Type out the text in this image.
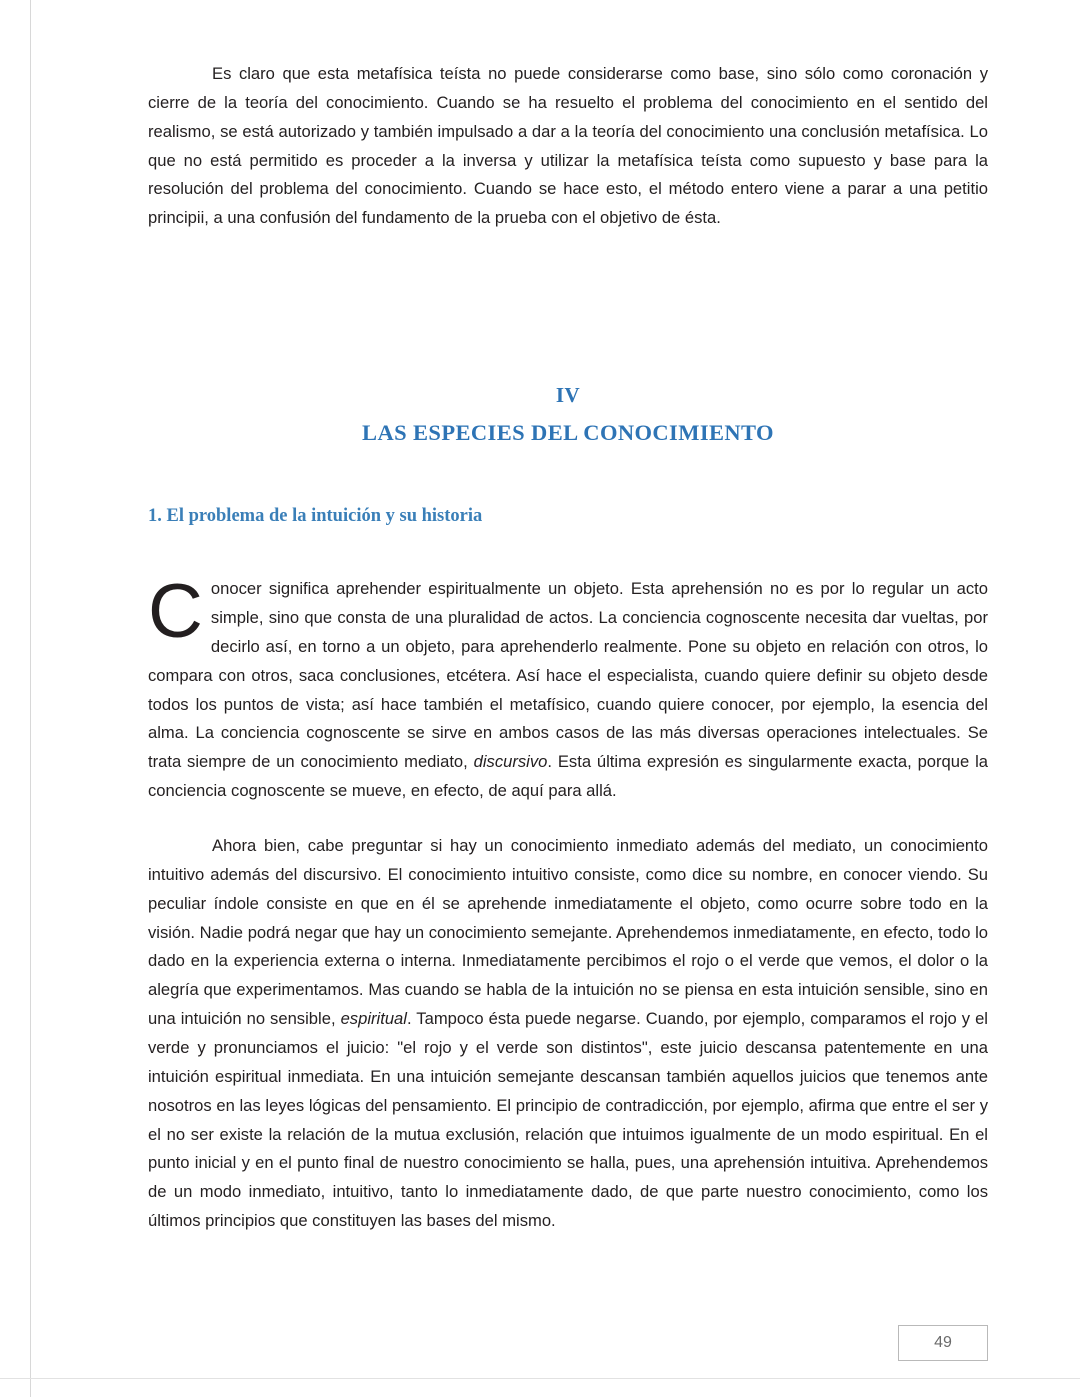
Es claro que esta metafísica teísta no puede considerarse como base, sino sólo como coronación y cierre de la teoría del conocimiento. Cuando se ha resuelto el problema del conocimiento en el sentido del realismo, se está autorizado y también impulsado a dar a la teoría del conocimiento una conclusión metafísica. Lo que no está permitido es proceder a la inversa y utilizar la metafísica teísta como supuesto y base para la resolución del problema del conocimiento. Cuando se hace esto, el método entero viene a parar a una petitio principii, a una confusión del fundamento de la prueba con el objetivo de ésta.

IV
LAS ESPECIES DEL CONOCIMIENTO
1. El problema de la intuición y su historia
Conocer significa aprehender espiritualmente un objeto. Esta aprehensión no es por lo regular un acto simple, sino que consta de una pluralidad de actos. La conciencia cognoscente necesita dar vueltas, por decirlo así, en torno a un objeto, para aprehenderlo realmente. Pone su objeto en relación con otros, lo compara con otros, saca conclusiones, etcétera. Así hace el especialista, cuando quiere definir su objeto desde todos los puntos de vista; así hace también el metafísico, cuando quiere conocer, por ejemplo, la esencia del alma. La conciencia cognoscente se sirve en ambos casos de las más diversas operaciones intelectuales. Se trata siempre de un conocimiento mediato, discursivo. Esta última expresión es singularmente exacta, porque la conciencia cognoscente se mueve, en efecto, de aquí para allá.

Ahora bien, cabe preguntar si hay un conocimiento inmediato además del mediato, un conocimiento intuitivo además del discursivo. El conocimiento intuitivo consiste, como dice su nombre, en conocer viendo. Su peculiar índole consiste en que en él se aprehende inmediatamente el objeto, como ocurre sobre todo en la visión. Nadie podrá negar que hay un conocimiento semejante. Aprehendemos inmediatamente, en efecto, todo lo dado en la experiencia externa o interna. Inmediatamente percibimos el rojo o el verde que vemos, el dolor o la alegría que experimentamos. Mas cuando se habla de la intuición no se piensa en esta intuición sensible, sino en una intuición no sensible, espiritual. Tampoco ésta puede negarse. Cuando, por ejemplo, comparamos el rojo y el verde y pronunciamos el juicio: "el rojo y el verde son distintos", este juicio descansa patentemente en una intuición espiritual inmediata. En una intuición semejante descansan también aquellos juicios que tenemos ante nosotros en las leyes lógicas del pensamiento. El principio de contradicción, por ejemplo, afirma que entre el ser y el no ser existe la relación de la mutua exclusión, relación que intuimos igualmente de un modo espiritual. En el punto inicial y en el punto final de nuestro conocimiento se halla, pues, una aprehensión intuitiva. Aprehendemos de un modo inmediato, intuitivo, tanto lo inmediatamente dado, de que parte nuestro conocimiento, como los últimos principios que constituyen las bases del mismo.

49
